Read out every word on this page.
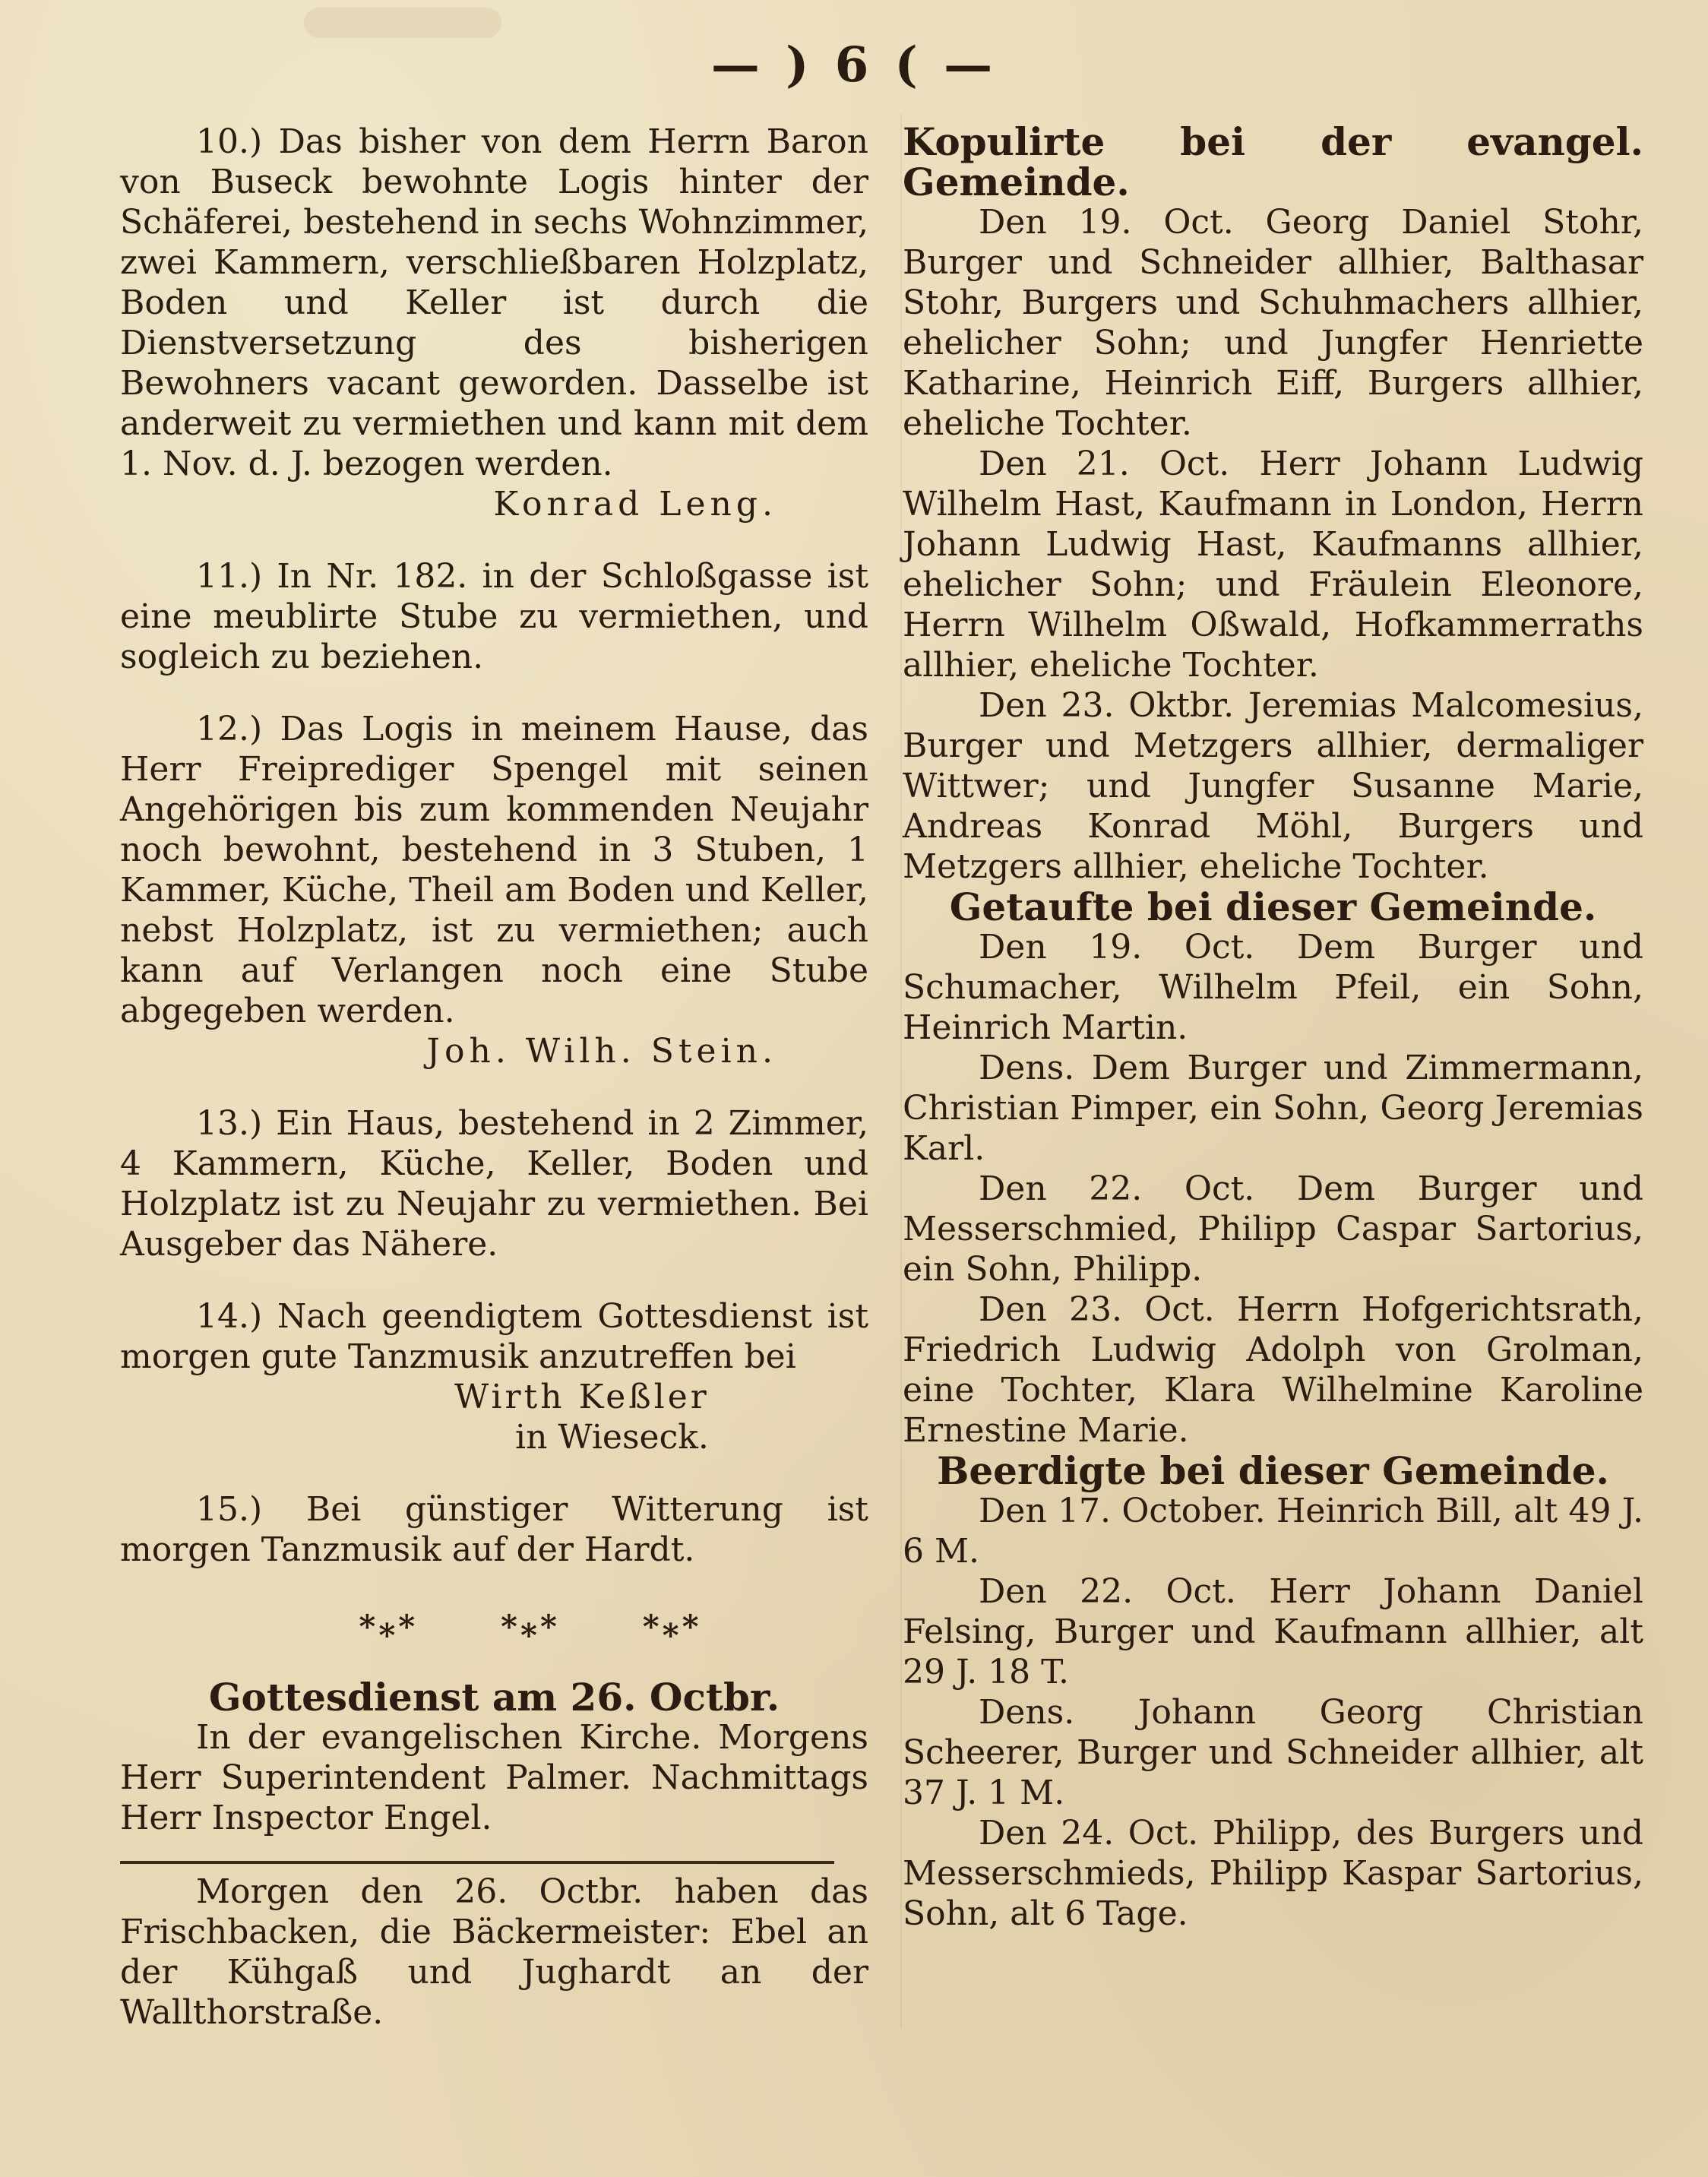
— ) 6 ( —

10.) Das bisher von dem Herrn Baron von Buseck bewohnte Logis hinter der Schäferei, bestehend in sechs Wohnzimmer, zwei Kammern, verschließbaren Holzplatz, Boden und Keller ist durch die Dienstversetzung des bisherigen Bewohners vacant geworden. Dasselbe ist anderweit zu vermiethen und kann mit dem 1. Nov. d. J. bezogen werden.

Konrad Leng.

11.) In Nr. 182. in der Schloßgasse ist eine meublirte Stube zu vermiethen, und sogleich zu beziehen.

12.) Das Logis in meinem Hause, das Herr Freiprediger Spengel mit seinen Angehörigen bis zum kommenden Neujahr noch bewohnt, bestehend in 3 Stuben, 1 Kammer, Küche, Theil am Boden und Keller, nebst Holzplatz, ist zu vermiethen; auch kann auf Verlangen noch eine Stube abgegeben werden.

Joh. Wilh. Stein.

13.) Ein Haus, bestehend in 2 Zimmer, 4 Kammern, Küche, Keller, Boden und Holzplatz ist zu Neujahr zu vermiethen. Bei Ausgeber das Nähere.

14.) Nach geendigtem Gottesdienst ist morgen gute Tanzmusik anzutreffen bei

Wirth Keßler

in Wieseck.

15.) Bei günstiger Witterung ist morgen Tanzmusik auf der Hardt.

*⁎*	*⁎*	*⁎*

Gottesdienst am 26. Octbr.

In der evangelischen Kirche. Morgens Herr Superintendent Palmer. Nachmittags Herr Inspector Engel.

Morgen den 26. Octbr. haben das Frischbacken, die Bäckermeister: Ebel an der Kühgaß und Jughardt an der Wallthorstraße.

Kopulirte bei der evangel. Gemeinde.

Den 19. Oct. Georg Daniel Stohr, Burger und Schneider allhier, Balthasar Stohr, Burgers und Schuhmachers allhier, ehelicher Sohn; und Jungfer Henriette Katharine, Heinrich Eiff, Burgers allhier, eheliche Tochter.

Den 21. Oct. Herr Johann Ludwig Wilhelm Hast, Kaufmann in London, Herrn Johann Ludwig Hast, Kaufmanns allhier, ehelicher Sohn; und Fräulein Eleonore, Herrn Wilhelm Oßwald, Hofkammerraths allhier, eheliche Tochter.

Den 23. Oktbr. Jeremias Malcomesius, Burger und Metzgers allhier, dermaliger Wittwer; und Jungfer Susanne Marie, Andreas Konrad Möhl, Burgers und Metzgers allhier, eheliche Tochter.

Getaufte bei dieser Gemeinde.

Den 19. Oct. Dem Burger und Schumacher, Wilhelm Pfeil, ein Sohn, Heinrich Martin.

Dens. Dem Burger und Zimmermann, Christian Pimper, ein Sohn, Georg Jeremias Karl.

Den 22. Oct. Dem Burger und Messerschmied, Philipp Caspar Sartorius, ein Sohn, Philipp.

Den 23. Oct. Herrn Hofgerichtsrath, Friedrich Ludwig Adolph von Grolman, eine Tochter, Klara Wilhelmine Karoline Ernestine Marie.

Beerdigte bei dieser Gemeinde.

Den 17. October. Heinrich Bill, alt 49 J. 6 M.

Den 22. Oct. Herr Johann Daniel Felsing, Burger und Kaufmann allhier, alt 29 J. 18 T.

Dens. Johann Georg Christian Scheerer, Burger und Schneider allhier, alt 37 J. 1 M.

Den 24. Oct. Philipp, des Burgers und Messerschmieds, Philipp Kaspar Sartorius, Sohn, alt 6 Tage.
